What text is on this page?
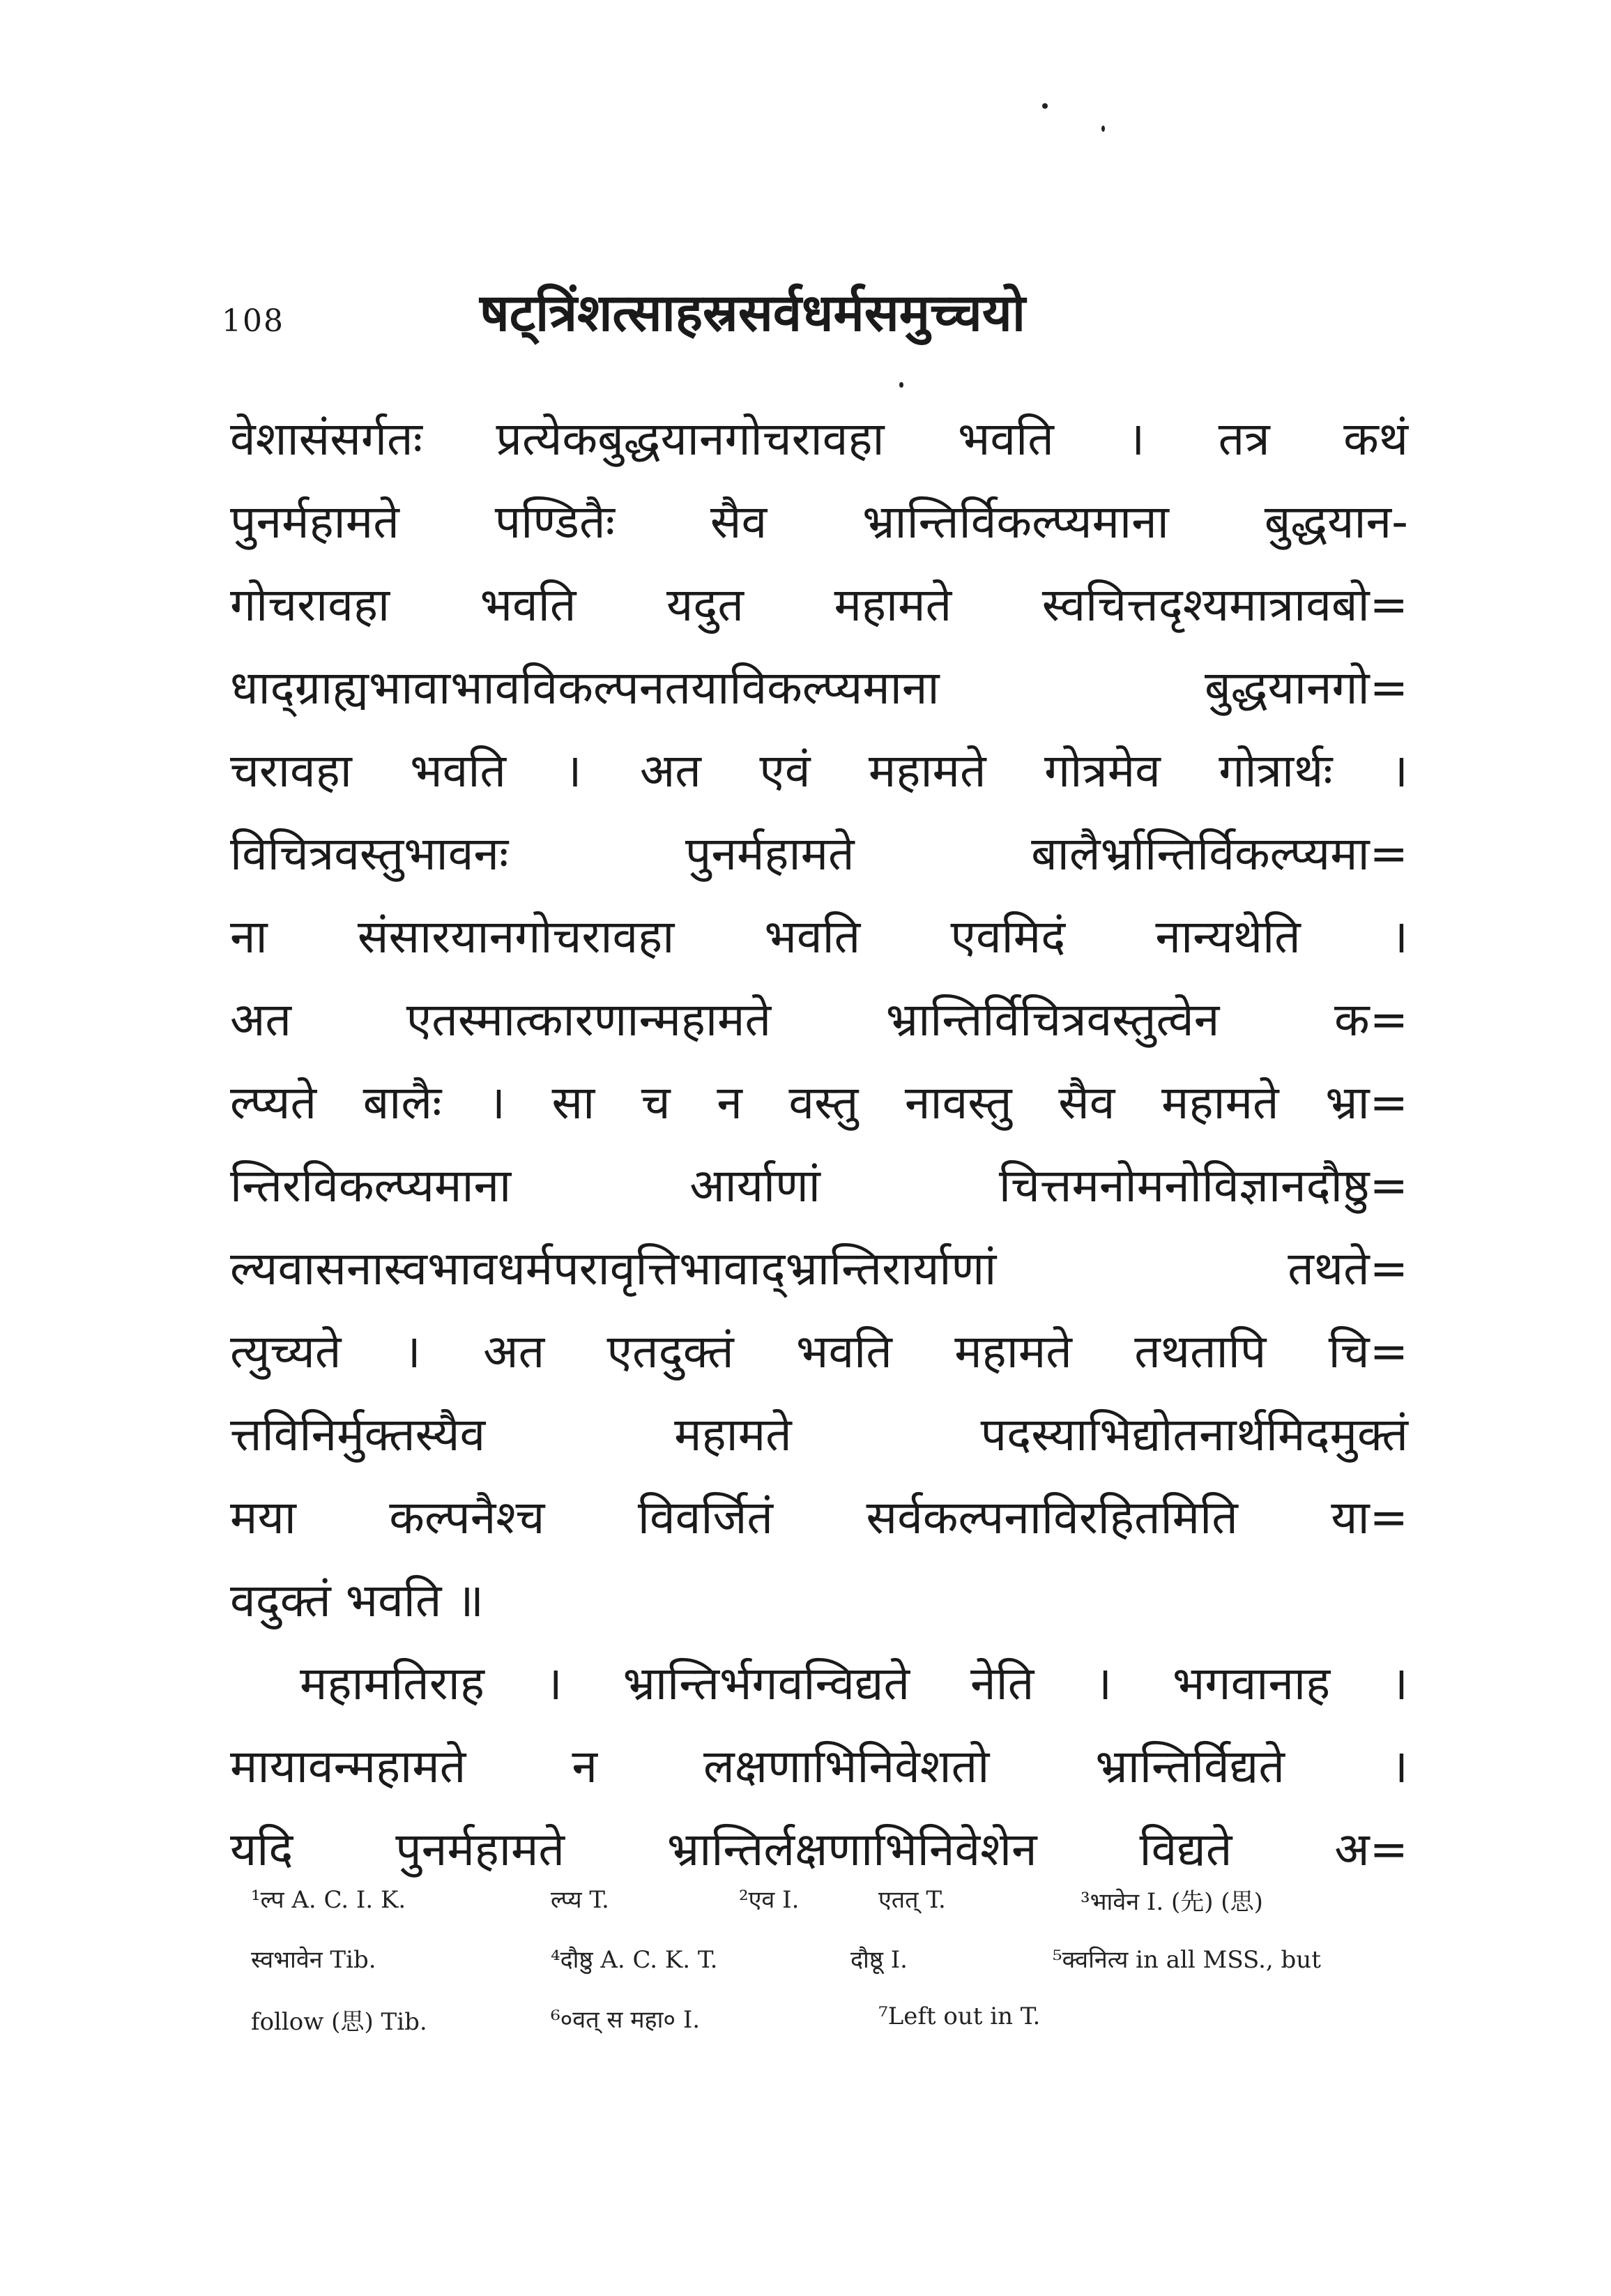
108	षट्त्रिंशत्साहस्रसर्वधर्मसमुच्चयो
वेशासंसर्गतः प्रत्येकबुद्धयानगोचरावहा भवति । तत्र कथं
पुनर्महामते पण्डितैः सैव भ्रान्तिर्विकल्प्यमाना बुद्धयान-
गोचरावहा भवति यदुत महामते स्वचित्तदृश्यमात्रावबो=
धाद्ग्राह्यभावाभावविकल्पनतयाविकल्प्यमाना बुद्धयानगो=
चरावहा भवति । अत एवं महामते गोत्रमेव गोत्रार्थः ।
विचित्रवस्तुभावनः पुनर्महामते बालैर्भ्रान्तिर्विकल्प्यमा=
ना संसारयानगोचरावहा भवति एवमिदं नान्यथेति ।
अत एतस्मात्कारणान्महामते भ्रान्तिर्विचित्रवस्तुत्वेन क=
ल्प्यते बालैः । सा च न वस्तु नावस्तु सैव महामते भ्रा=
न्तिरविकल्प्यमाना आर्याणां चित्तमनोमनोविज्ञानदौष्ठु=
ल्यवासनास्वभावधर्मपरावृत्तिभावाद्भ्रान्तिरार्याणां तथते=
त्युच्यते । अत एतदुक्तं भवति महामते तथतापि चि=
त्तविनिर्मुक्तस्यैव महामते पदस्याभिद्योतनार्थमिदमुक्तं
मया कल्पनैश्च विवर्जितं सर्वकल्पनाविरहितमिति या=
वदुक्तं भवति ॥
महामतिराह । भ्रान्तिर्भगवन्विद्यते नेति । भगवानाह ।
मायावन्महामते न लक्षणाभिनिवेशतो भ्रान्तिर्विद्यते ।
यदि पुनर्महामते भ्रान्तिर्लक्षणाभिनिवेशेन विद्यते अ=
¹ल्प A. C. I. K.	ल्प्य T.	²एव I.	एतत् T.	³भावेन I. (先) (思)
स्वभावेन Tib.	⁴दौष्ठु A. C. K. T.	दौष्ठू I.	⁵क्वनित्य in all MSS., but
follow (思) Tib.	⁶०वत् स महा० I.	⁷Left out in T.
